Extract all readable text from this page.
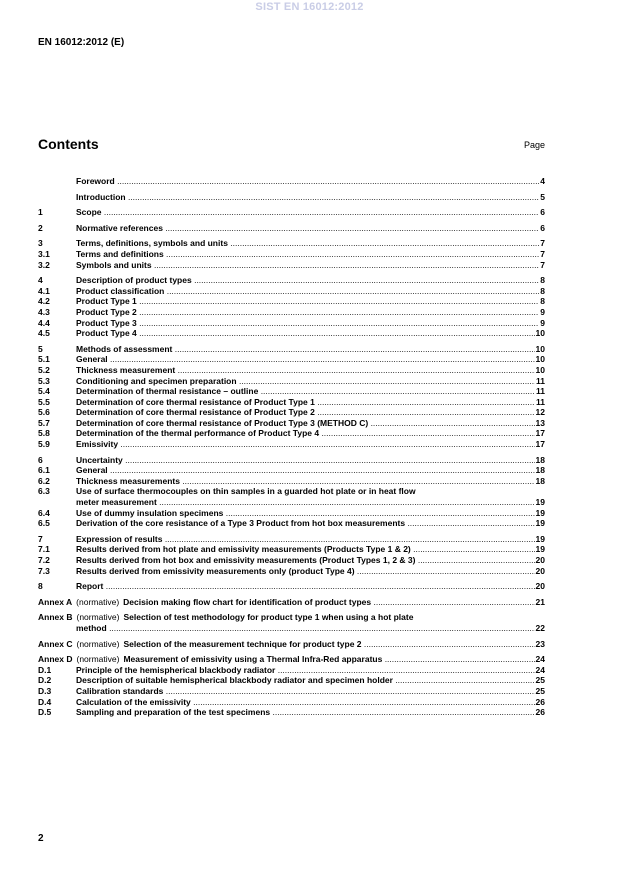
SIST EN 16012:2012
EN 16012:2012 (E)
Contents	Page
Foreword .....	4
Introduction .....	5
1	Scope .....	6
2	Normative references .....	6
3	Terms, definitions, symbols and units .....	7
3.1	Terms and definitions .....	7
3.2	Symbols and units .....	7
4	Description of product types .....	8
4.1	Product classification .....	8
4.2	Product Type 1 .....	8
4.3	Product Type 2 .....	9
4.4	Product Type 3 .....	9
4.5	Product Type 4 .....	10
5	Methods of assessment .....	10
5.1	General .....	10
5.2	Thickness measurement .....	10
5.3	Conditioning and specimen preparation .....	11
5.4	Determination of thermal resistance – outline .....	11
5.5	Determination of core thermal resistance of Product Type 1 .....	11
5.6	Determination of core thermal resistance of Product Type 2 .....	12
5.7	Determination of core thermal resistance of Product Type 3 (METHOD C) .....	13
5.8	Determination of the thermal performance of Product Type 4 .....	17
5.9	Emissivity .....	17
6	Uncertainty .....	18
6.1	General .....	18
6.2	Thickness measurements .....	18
6.3	Use of surface thermocouples on thin samples in a guarded hot plate or in heat flow
meter measurement .....	19
6.4	Use of dummy insulation specimens .....	19
6.5	Derivation of the core resistance of a Type 3 Product from hot box measurements .....	19
7	Expression of results .....	19
7.1	Results derived from hot plate and emissivity measurements (Products Type 1 & 2) .....	19
7.2	Results derived from hot box and emissivity measurements (Product Types 1, 2 & 3) .....	20
7.3	Results derived from emissivity measurements only (product Type 4) .....	20
8	Report .....	20
Annex A (normative) Decision making flow chart for identification of product types .....	21
Annex B (normative) Selection of test methodology for product type 1 when using a hot plate
method .....	22
Annex C (normative) Selection of the measurement technique for product type 2 .....	23
Annex D (normative) Measurement of emissivity using a Thermal Infra-Red apparatus .....	24
D.1	Principle of the hemispherical blackbody radiator .....	24
D.2	Description of suitable hemispherical blackbody radiator and specimen holder .....	25
D.3	Calibration standards .....	25
D.4	Calculation of the emissivity .....	26
D.5	Sampling and preparation of the test specimens .....	26
2
